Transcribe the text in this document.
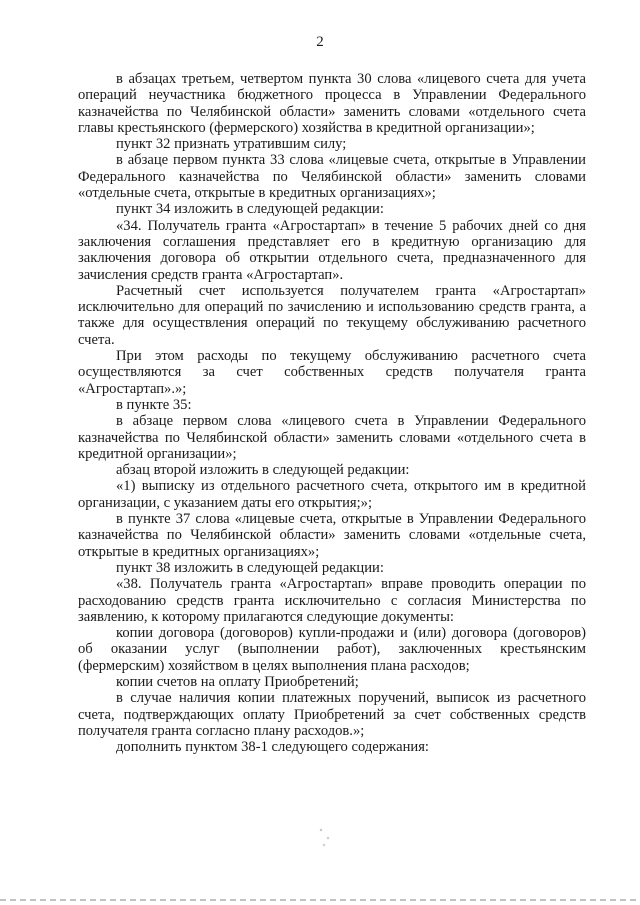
2

в абзацах третьем, четвертом пункта 30 слова «лицевого счета для учета операций неучастника бюджетного процесса в Управлении Федерального казначейства по Челябинской области» заменить словами «отдельного счета главы крестьянского (фермерского) хозяйства в кредитной организации»;

пункт 32 признать утратившим силу;

в абзаце первом пункта 33 слова «лицевые счета, открытые в Управлении Федерального казначейства по Челябинской области» заменить словами «отдельные счета, открытые в кредитных организациях»;

пункт 34 изложить в следующей редакции:

«34. Получатель гранта «Агростартап» в течение 5 рабочих дней со дня заключения соглашения представляет его в кредитную организацию для заключения договора об открытии отдельного счета, предназначенного для зачисления средств гранта «Агростартап».

Расчетный счет используется получателем гранта «Агростартап» исключительно для операций по зачислению и использованию средств гранта, а также для осуществления операций по текущему обслуживанию расчетного счета.

При этом расходы по текущему обслуживанию расчетного счета осуществляются за счет собственных средств получателя гранта «Агростартап».»;

в пункте 35:

в абзаце первом слова «лицевого счета в Управлении Федерального казначейства по Челябинской области» заменить словами «отдельного счета в кредитной организации»;

абзац второй изложить в следующей редакции:

«1) выписку из отдельного расчетного счета, открытого им в кредитной организации, с указанием даты его открытия;»;

в пункте 37 слова «лицевые счета, открытые в Управлении Федерального казначейства по Челябинской области» заменить словами «отдельные счета, открытые в кредитных организациях»;

пункт 38 изложить в следующей редакции:

«38. Получатель гранта «Агростартап» вправе проводить операции по расходованию средств гранта исключительно с согласия Министерства по заявлению, к которому прилагаются следующие документы:

копии договора (договоров) купли-продажи и (или) договора (договоров) об оказании услуг (выполнении работ), заключенных крестьянским (фермерским) хозяйством в целях выполнения плана расходов;

копии счетов на оплату Приобретений;

в случае наличия копии платежных поручений, выписок из расчетного счета, подтверждающих оплату Приобретений за счет собственных средств получателя гранта согласно плану расходов.»;

дополнить пунктом 38-1 следующего содержания:
